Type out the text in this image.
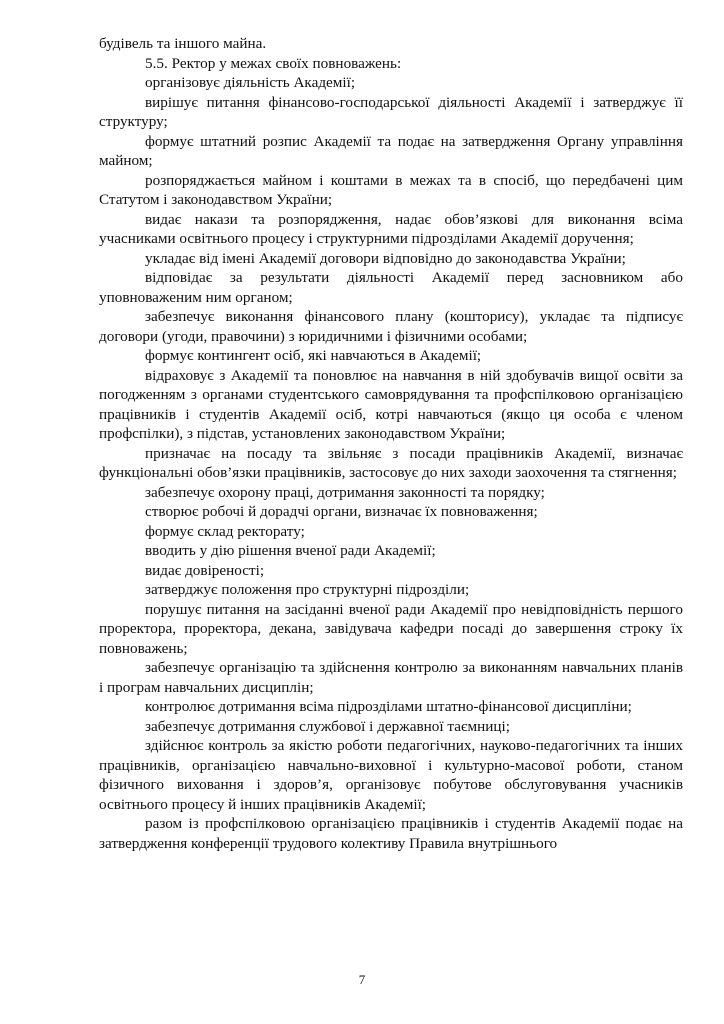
будівель та іншого майна.

5.5. Ректор у межах своїх повноважень:

організовує діяльність Академії;

вирішує питання фінансово-господарської діяльності Академії і затверджує її структуру;

формує штатний розпис Академії та подає на затвердження Органу управління майном;

розпоряджається майном і коштами в межах та в спосіб, що передбачені цим Статутом і законодавством України;

видає накази та розпорядження, надає обов’язкові для виконання всіма учасниками освітнього процесу і структурними підрозділами Академії доручення;

укладає від імені Академії договори відповідно до законодавства України;

відповідає за результати діяльності Академії перед засновником або уповноваженим ним органом;

забезпечує виконання фінансового плану (кошторису), укладає та підписує договори (угоди, правочини) з юридичними і фізичними особами;

формує контингент осіб, які навчаються в Академії;

відраховує з Академії та поновлює на навчання в ній здобувачів вищої освіти за погодженням з органами студентського самоврядування та профспілковою організацією працівників і студентів Академії осіб, котрі навчаються (якщо ця особа є членом профспілки), з підстав, установлених законодавством України;

призначає на посаду та звільняє з посади працівників Академії, визначає функціональні обов’язки працівників, застосовує до них заходи заохочення та стягнення;

забезпечує охорону праці, дотримання законності та порядку;

створює робочі й дорадчі органи, визначає їх повноваження;

формує склад ректорату;

вводить у дію рішення вченої ради Академії;

видає довіреності;

затверджує положення про структурні підрозділи;

порушує питання на засіданні вченої ради Академії про невідповідність першого проректора, проректора, декана, завідувача кафедри посаді до завершення строку їх повноважень;

забезпечує організацію та здійснення контролю за виконанням навчальних планів і програм навчальних дисциплін;

контролює дотримання всіма підрозділами штатно-фінансової дисципліни;

забезпечує дотримання службової і державної таємниці;

здійснює контроль за якістю роботи педагогічних, науково-педагогічних та інших працівників, організацією навчально-виховної і культурно-масової роботи, станом фізичного виховання і здоров’я, організовує побутове обслуговування учасників освітнього процесу й інших працівників Академії;

разом із профспілковою організацією працівників і студентів Академії подає на затвердження конференції трудового колективу Правила внутрішнього

7
